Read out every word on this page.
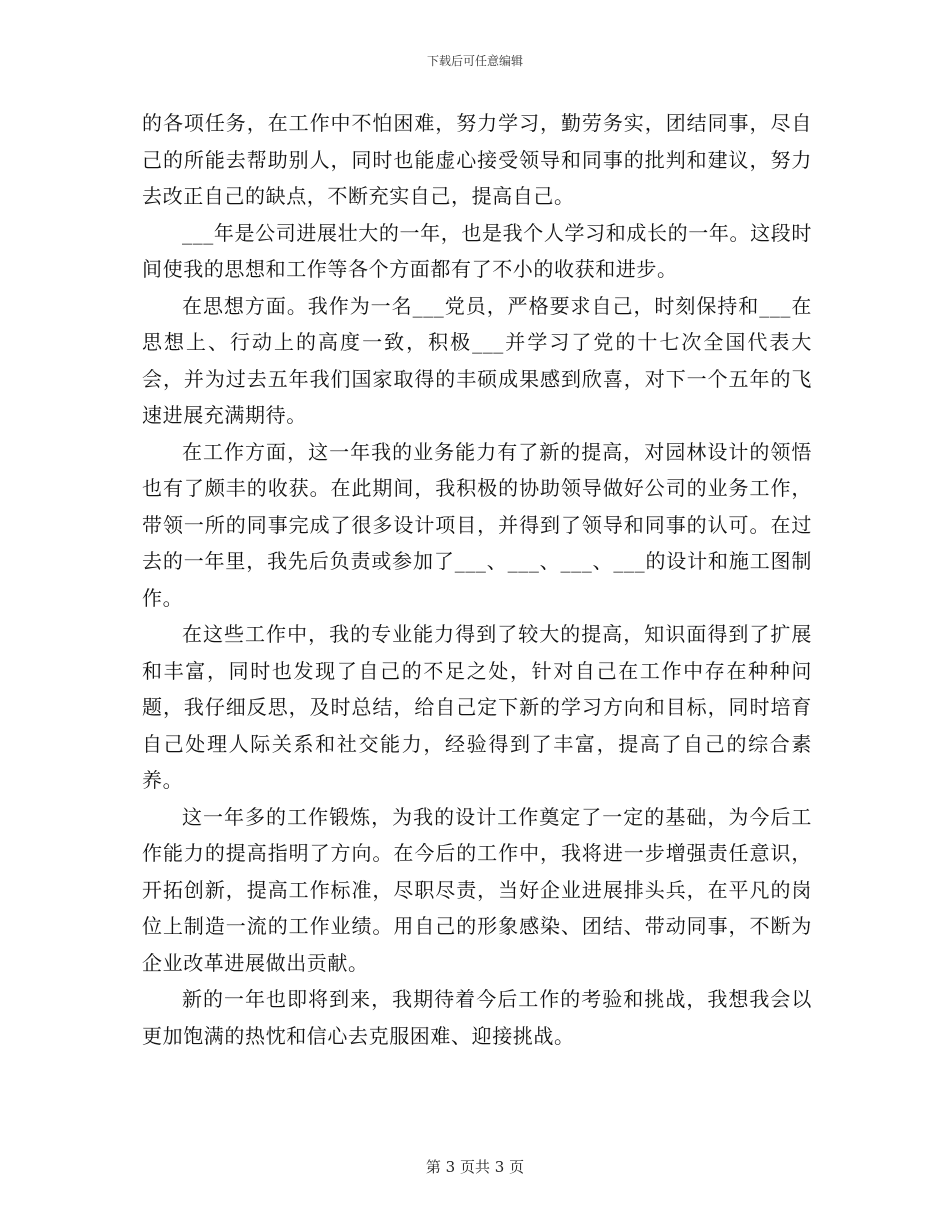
下载后可任意编辑

的各项任务，在工作中不怕困难，努力学习，勤劳务实，团结同事，尽自己的所能去帮助别人，同时也能虚心接受领导和同事的批判和建议，努力去改正自己的缺点，不断充实自己，提高自己。

___年是公司进展壮大的一年，也是我个人学习和成长的一年。这段时间使我的思想和工作等各个方面都有了不小的收获和进步。

在思想方面。我作为一名___党员，严格要求自己，时刻保持和___在思想上、行动上的高度一致，积极___并学习了党的十七次全国代表大会，并为过去五年我们国家取得的丰硕成果感到欣喜，对下一个五年的飞速进展充满期待。

在工作方面，这一年我的业务能力有了新的提高，对园林设计的领悟也有了颇丰的收获。在此期间，我积极的协助领导做好公司的业务工作，带领一所的同事完成了很多设计项目，并得到了领导和同事的认可。在过去的一年里，我先后负责或参加了___、___、___、___的设计和施工图制作。

在这些工作中，我的专业能力得到了较大的提高，知识面得到了扩展和丰富，同时也发现了自己的不足之处，针对自己在工作中存在种种问题，我仔细反思，及时总结，给自己定下新的学习方向和目标，同时培育自己处理人际关系和社交能力，经验得到了丰富，提高了自己的综合素养。

这一年多的工作锻炼，为我的设计工作奠定了一定的基础，为今后工作能力的提高指明了方向。在今后的工作中，我将进一步增强责任意识，开拓创新，提高工作标准，尽职尽责，当好企业进展排头兵，在平凡的岗位上制造一流的工作业绩。用自己的形象感染、团结、带动同事，不断为企业改革进展做出贡献。

新的一年也即将到来，我期待着今后工作的考验和挑战，我想我会以更加饱满的热忱和信心去克服困难、迎接挑战。

第 3 页共 3 页
